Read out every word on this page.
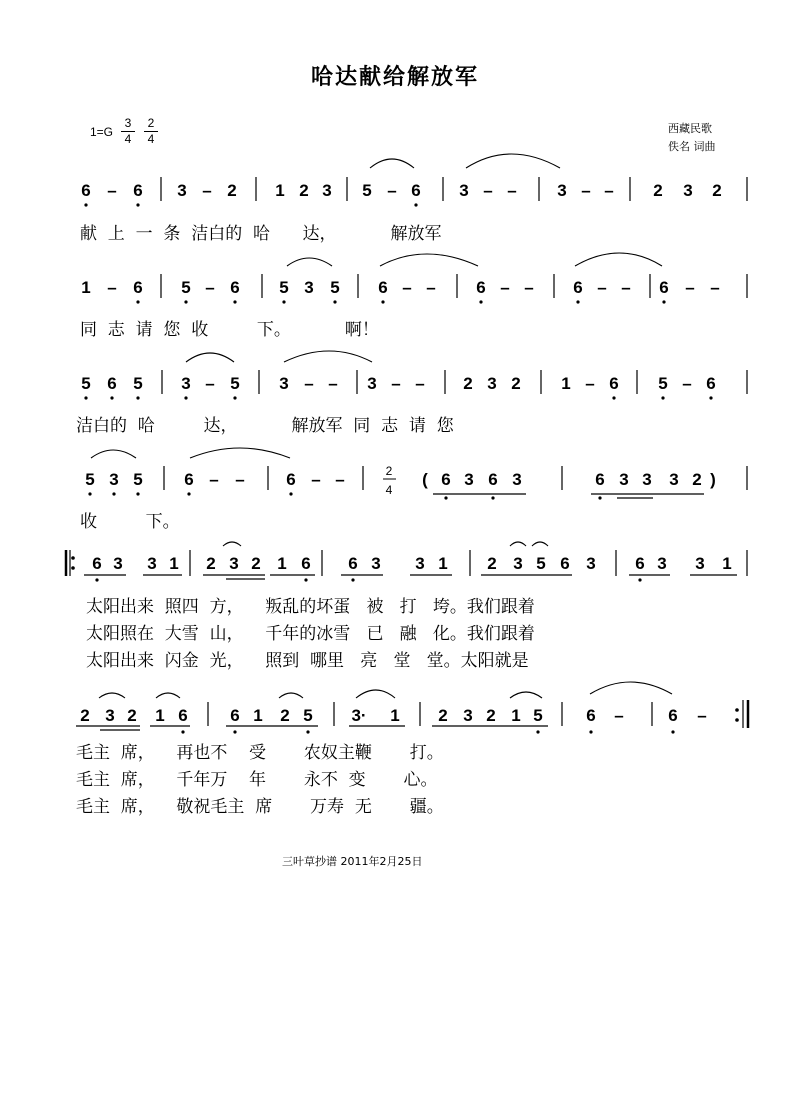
哈达献给解放军
$1=G \frac{3}{4} \frac{2}{4}$	西藏民歌
佚名 词曲
6 – 6 3 – 2 1 2 3 5 – 6 3 – – 3 – – 2 3 2
1 – 6 5 – 6 5 3 5 6 – – 6 – – 6 – – 6 – –
5 6 5 3 – 5 3 – – 3 – – 2 3 2 1 – 6 5 – 6
5 3 5 6 – – 6 – –	2
4
( 6 3 6 3	6 3 3 3 2 )
6 3 3 1 2 3 2 1 6 6 3 3 1 2 3 5 6 3 6 3 3 1
2 3 2 1 6	6 1 2 5 3· 1 2 3 2 1 5	6 –	6 –
献  上  一  条  洁白的  哈      达，          解放军
同  志  请  您  收         下。          啊！
洁白的  哈         达，          解放军  同  志  请  您
收         下。
太阳出来  照四  方，    叛乱的坏蛋   被   打   垮。我们跟着
太阳照在  大雪  山，    千年的冰雪   已   融   化。我们跟着
太阳出来  闪金  光，    照到  哪里   亮   堂   堂。太阳就是
毛主  席，    再也不    受       农奴主鞭       打。
毛主  席，    千年万    年       永不  变       心。
毛主  席，    敬祝毛主  席       万寿  无       疆。
三叶草抄谱 2011年2月25日
